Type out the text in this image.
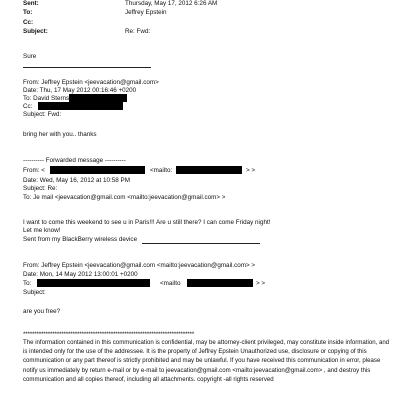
Sent:	Thursday, May 17, 2012 6:26 AM
To:	Jeffrey Epstein
Cc:
Subject:	Re: Fwd:
Sure
From: Jeffrey Epstein <jeevacation@gmail.com>
Date: Thu, 17 May 2012 00:16:46 +0200
To: David Sterns
Cc:
Subject: Fwd:
bring her with you.. thanks
---------- Forwarded message ----------
From: <	<mailto:	> >
Date: Wed, May 16, 2012 at 10:58 PM
Subject: Re:
To: Je mail <jeevacation@gmail.com <mailto:jeevacation@gmail.com> >
I want to come this weekend to see u in Paris!!! Are u still there? I can come Friday night!
Let me know!
Sent from my BlackBerry wireless device
From: Jeffrey Epstein <jeevacation@gmail.com <mailto:jeevacation@gmail.com> >
Date: Mon, 14 May 2012 13:00:01 +0200
To:	<mailto	> >
Subject:
are you free?
****************************************************************************
The information contained in this communication is confidential, may be attorney-client privileged, may constitute inside information, and is intended only for the use of the addressee. It is the property of Jeffrey Epstein Unauthorized use, disclosure or copying of this communication or any part thereof is strictly prohibited and may be unlawful. If you have received this communication in error, please notify us immediately by return e-mail or by e-mail to jeevacation@gmail.com <mailto:jeevacation@gmail.com> , and destroy this communication and all copies thereof, including all attachments. copyright -all rights reserved
